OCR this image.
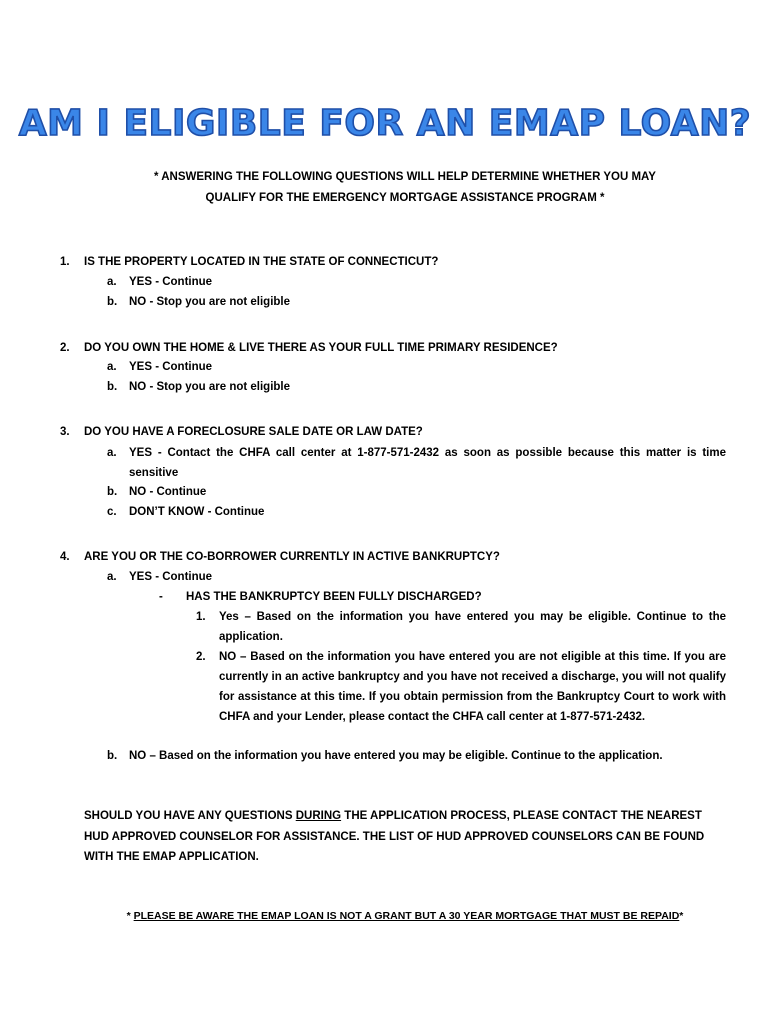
AM I ELIGIBLE FOR AN EMAP LOAN?
* ANSWERING THE FOLLOWING QUESTIONS WILL HELP DETERMINE WHETHER YOU MAY
QUALIFY FOR THE EMERGENCY MORTGAGE ASSISTANCE PROGRAM *
1. IS THE PROPERTY LOCATED IN THE STATE OF CONNECTICUT?
a. YES - Continue
b. NO - Stop you are not eligible
2. DO YOU OWN THE HOME & LIVE THERE AS YOUR FULL TIME PRIMARY RESIDENCE?
a. YES - Continue
b. NO - Stop you are not eligible
3. DO YOU HAVE A FORECLOSURE SALE DATE OR LAW DATE?
a. YES - Contact the CHFA call center at 1-877-571-2432 as soon as possible because this matter is time sensitive
b. NO - Continue
c. DON’T KNOW - Continue
4. ARE YOU OR THE CO-BORROWER CURRENTLY IN ACTIVE BANKRUPTCY?
a. YES - Continue
- HAS THE BANKRUPTCY BEEN FULLY DISCHARGED?
1. Yes – Based on the information you have entered you may be eligible. Continue to the application.
2. NO – Based on the information you have entered you are not eligible at this time. If you are currently in an active bankruptcy and you have not received a discharge, you will not qualify for assistance at this time. If you obtain permission from the Bankruptcy Court to work with CHFA and your Lender, please contact the CHFA call center at 1-877-571-2432.
b. NO – Based on the information you have entered you may be eligible. Continue to the application.
SHOULD YOU HAVE ANY QUESTIONS DURING THE APPLICATION PROCESS, PLEASE CONTACT THE NEAREST HUD APPROVED COUNSELOR FOR ASSISTANCE. THE LIST OF HUD APPROVED COUNSELORS CAN BE FOUND WITH THE EMAP APPLICATION.
* PLEASE BE AWARE THE EMAP LOAN IS NOT A GRANT BUT A 30 YEAR MORTGAGE THAT MUST BE REPAID*
